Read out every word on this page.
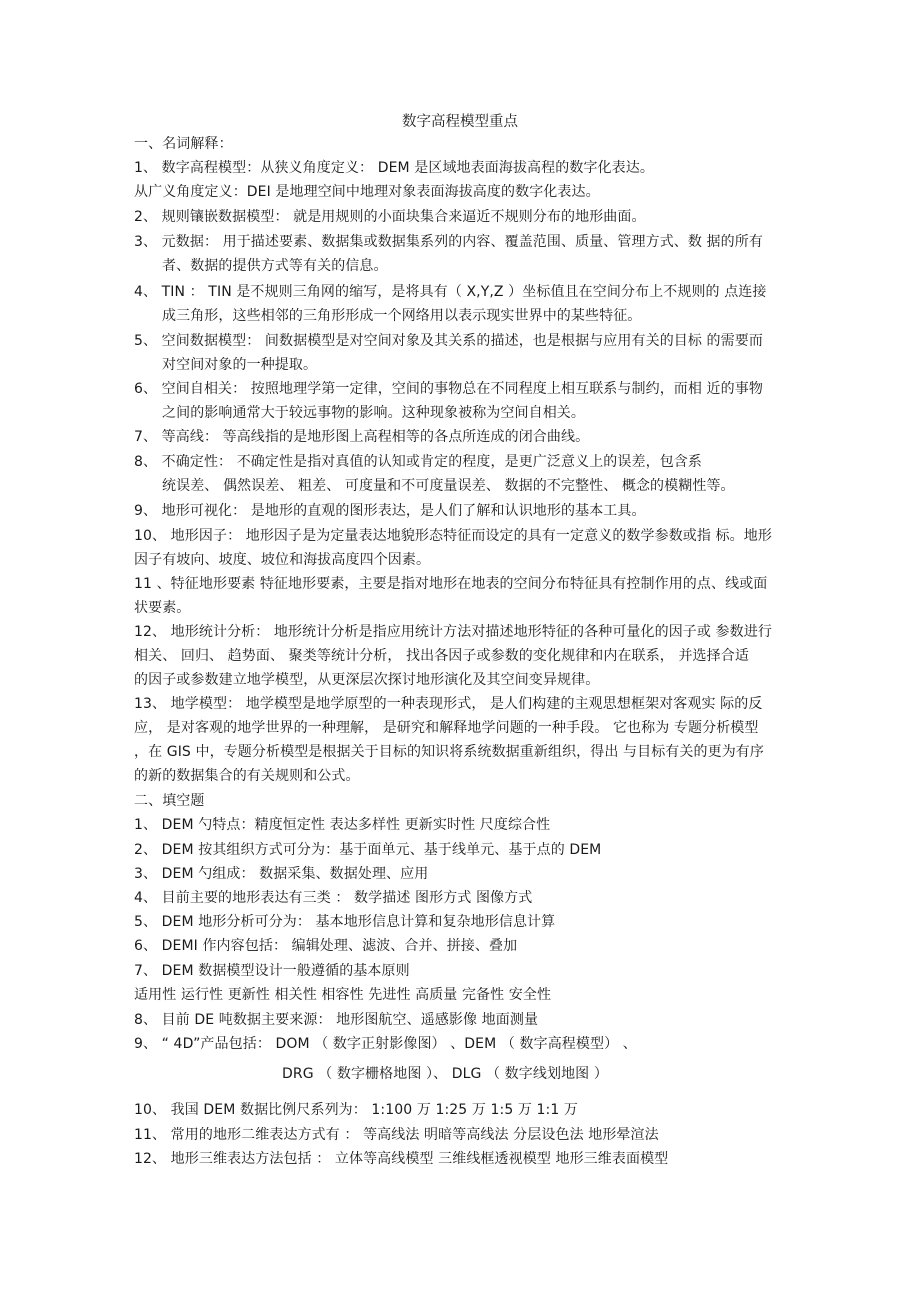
数字高程模型重点
一、名词解释：
1、 数字高程模型：从狭义角度定义： DEM 是区域地表面海拔高程的数字化表达。
从广义角度定义：DEI 是地理空间中地理对象表面海拔高度的数字化表达。
2、 规则镶嵌数据模型： 就是用规则的小面块集合来逼近不规则分布的地形曲面。
3、 元数据： 用于描述要素、数据集或数据集系列的内容、覆盖范围、质量、管理方式、数 据的所有
者、数据的提供方式等有关的信息。
4、 TIN ： TIN 是不规则三角网的缩写，是将具有（ X,Y,Z ）坐标值且在空间分布上不规则的 点连接
成三角形，这些相邻的三角形形成一个网络用以表示现实世界中的某些特征。
5、 空间数据模型： 间数据模型是对空间对象及其关系的描述，也是根据与应用有关的目标 的需要而
对空间对象的一种提取。
6、 空间自相关： 按照地理学第一定律，空间的事物总在不同程度上相互联系与制约，而相 近的事物
之间的影响通常大于较远事物的影响。这种现象被称为空间自相关。
7、 等高线： 等高线指的是地形图上高程相等的各点所连成的闭合曲线。
8、 不确定性： 不确定性是指对真值的认知或肯定的程度，是更广泛意义上的误差，包含系
统误差、 偶然误差、 粗差、 可度量和不可度量误差、 数据的不完整性、 概念的模糊性等。
9、 地形可视化： 是地形的直观的图形表达，是人们了解和认识地形的基本工具。
10、 地形因子： 地形因子是为定量表达地貌形态特征而设定的具有一定意义的数学参数或指 标。地形
因子有坡向、坡度、坡位和海拔高度四个因素。
11 、特征地形要素 特征地形要素，主要是指对地形在地表的空间分布特征具有控制作用的点、线或面
状要素。
12、 地形统计分析： 地形统计分析是指应用统计方法对描述地形特征的各种可量化的因子或 参数进行
相关、 回归、 趋势面、 聚类等统计分析， 找出各因子或参数的变化规律和内在联系， 并选择合适
的因子或参数建立地学模型，从更深层次探讨地形演化及其空间变异规律。
13、 地学模型： 地学模型是地学原型的一种表现形式， 是人们构建的主观思想框架对客观实 际的反
应， 是对客观的地学世界的一种理解， 是研究和解释地学问题的一种手段。 它也称为 专题分析模型
，在 GIS 中，专题分析模型是根据关于目标的知识将系统数据重新组织，得出 与目标有关的更为有序
的新的数据集合的有关规则和公式。
二、填空题
1、 DEM 勺特点：精度恒定性 表达多样性 更新实时性 尺度综合性
2、 DEM 按其组织方式可分为：基于面单元、基于线单元、基于点的 DEM
3、 DEM 勺组成： 数据采集、数据处理、应用
4、 目前主要的地形表达有三类 ： 数学描述 图形方式 图像方式
5、 DEM 地形分析可分为： 基本地形信息计算和复杂地形信息计算
6、 DEMI 作内容包括： 编辑处理、滤波、合并、拼接、叠加
7、 DEM 数据模型设计一般遵循的基本原则
适用性 运行性 更新性 相关性 相容性 先进性 高质量 完备性 安全性
8、 目前 DE 吨数据主要来源： 地形图航空、遥感影像 地面测量
9、 “ 4D”产品包括： DOM （ 数字正射影像图） 、DEM （ 数字高程模型） 、
DRG （ 数字栅格地图 ）、 DLG （ 数字线划地图 ）
10、 我国 DEM 数据比例尺系列为： 1:100 万 1:25 万 1:5 万 1:1 万
11、 常用的地形二维表达方式有 ： 等高线法 明暗等高线法 分层设色法 地形晕渲法
12、 地形三维表达方法包括 ： 立体等高线模型 三维线框透视模型 地形三维表面模型
